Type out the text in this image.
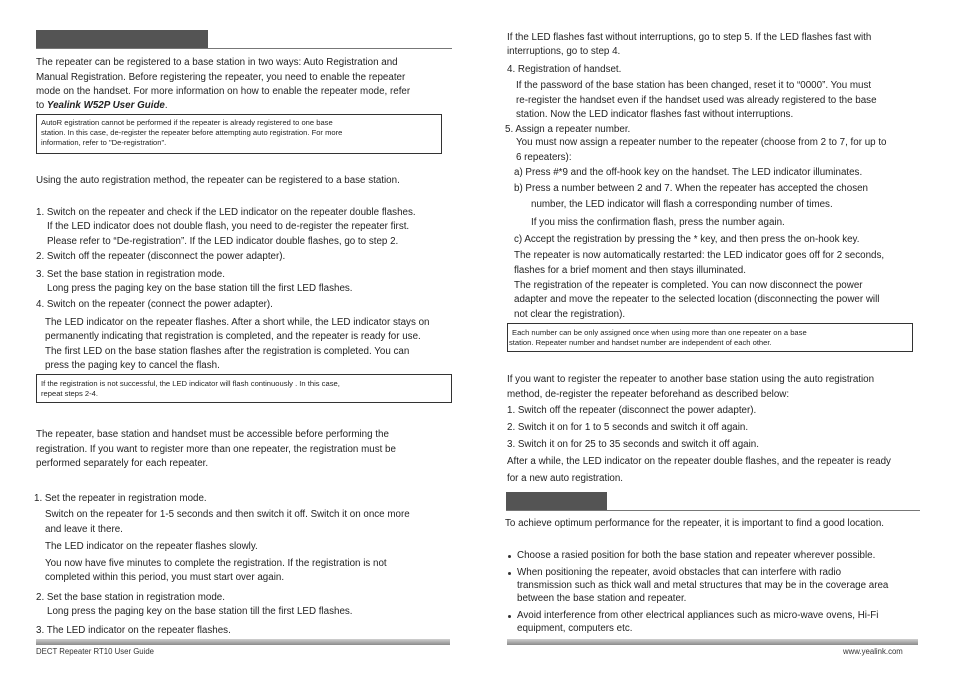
The repeater can be registered to a base station in two ways: Auto Registration and
Manual Registration. Before registering the repeater, you need to enable the repeater
mode on the handset. For more information on how to enable the repeater mode, refer
to Yealink W52P User Guide.
AutoR egistration cannot be performed if the repeater is already registered to one base
station. In this case, de-register the repeater before attempting auto registration. For more
information, refer to "De-registration".
Using the auto registration method, the repeater can be registered to a base station.
1. Switch on the repeater and check if the LED indicator on the repeater double flashes.
If the LED indicator does not double flash, you need to de-register the repeater first.
Please refer to “De-registration”. If the LED indicator double flashes, go to step 2.
2. Switch off the repeater (disconnect the power adapter).
3. Set the base station in registration mode.
Long press the paging key on the base station till the first LED flashes.
4. Switch on the repeater (connect the power adapter).
The LED indicator on the repeater flashes. After a short while, the LED indicator stays on
permanently indicating that registration is completed, and the repeater is ready for use.
The first LED on the base station flashes after the registration is completed. You can
press the paging key to cancel the flash.
If the registration is not successful, the LED indicator will flash continuously . In this case,
repeat steps 2-4.
The repeater, base station and handset must be accessible before performing the
registration. If you want to register more than one repeater, the registration must be
performed separately for each repeater.
1. Set the repeater in registration mode.
Switch on the repeater for 1-5 seconds and then switch it off. Switch it on once more
and leave it there.
The LED indicator on the repeater flashes slowly.
You now have five minutes to complete the registration. If the registration is not
completed within this period, you must start over again.
2. Set the base station in registration mode.
Long press the paging key on the base station till the first LED flashes.
3. The LED indicator on the repeater flashes.
DECT Repeater RT10 User Guide
If the LED flashes fast without interruptions, go to step 5. If the LED flashes fast with
interruptions, go to step 4.
4. Registration of handset.
If the password of the base station has been changed, reset it to “0000”. You must
re-register the handset even if the handset used was already registered to the base
station. Now the LED indicator flashes fast without interruptions.
5. Assign a repeater number.
You must now assign a repeater number to the repeater (choose from 2 to 7, for up to
6 repeaters):
a) Press #*9 and the off-hook key on the handset. The LED indicator illuminates.
b) Press a number between 2 and 7. When the repeater has accepted the chosen
number, the LED indicator will flash a corresponding number of times.
If you miss the confirmation flash, press the number again.
c) Accept the registration by pressing the * key, and then press the on-hook key.
The repeater is now automatically restarted: the LED indicator goes off for 2 seconds,
flashes for a brief moment and then stays illuminated.
The registration of the repeater is completed. You can now disconnect the power
adapter and move the repeater to the selected location (disconnecting the power will
not clear the registration).
Each number can be only assigned once when using more than one repeater on a base
station. Repeater number and handset number are independent of each other.
If you want to register the repeater to another base station using the auto registration
method, de-register the repeater beforehand as described below:
1. Switch off the repeater (disconnect the power adapter).
2. Switch it on for 1 to 5 seconds and switch it off again.
3. Switch it on for 25 to 35 seconds and switch it off again.
After a while, the LED indicator on the repeater double flashes, and the repeater is ready
for a new auto registration.
To achieve optimum performance for the repeater, it is important to find a good location.
Choose a rasied position for both the base station and repeater wherever possible.
When positioning the repeater, avoid obstacles that can interfere with radio
transmission such as thick wall and metal structures that may be in the coverage area
between the base station and repeater.
Avoid interference from other electrical appliances such as micro-wave ovens, Hi-Fi
equipment, computers etc.
www.yealink.com
